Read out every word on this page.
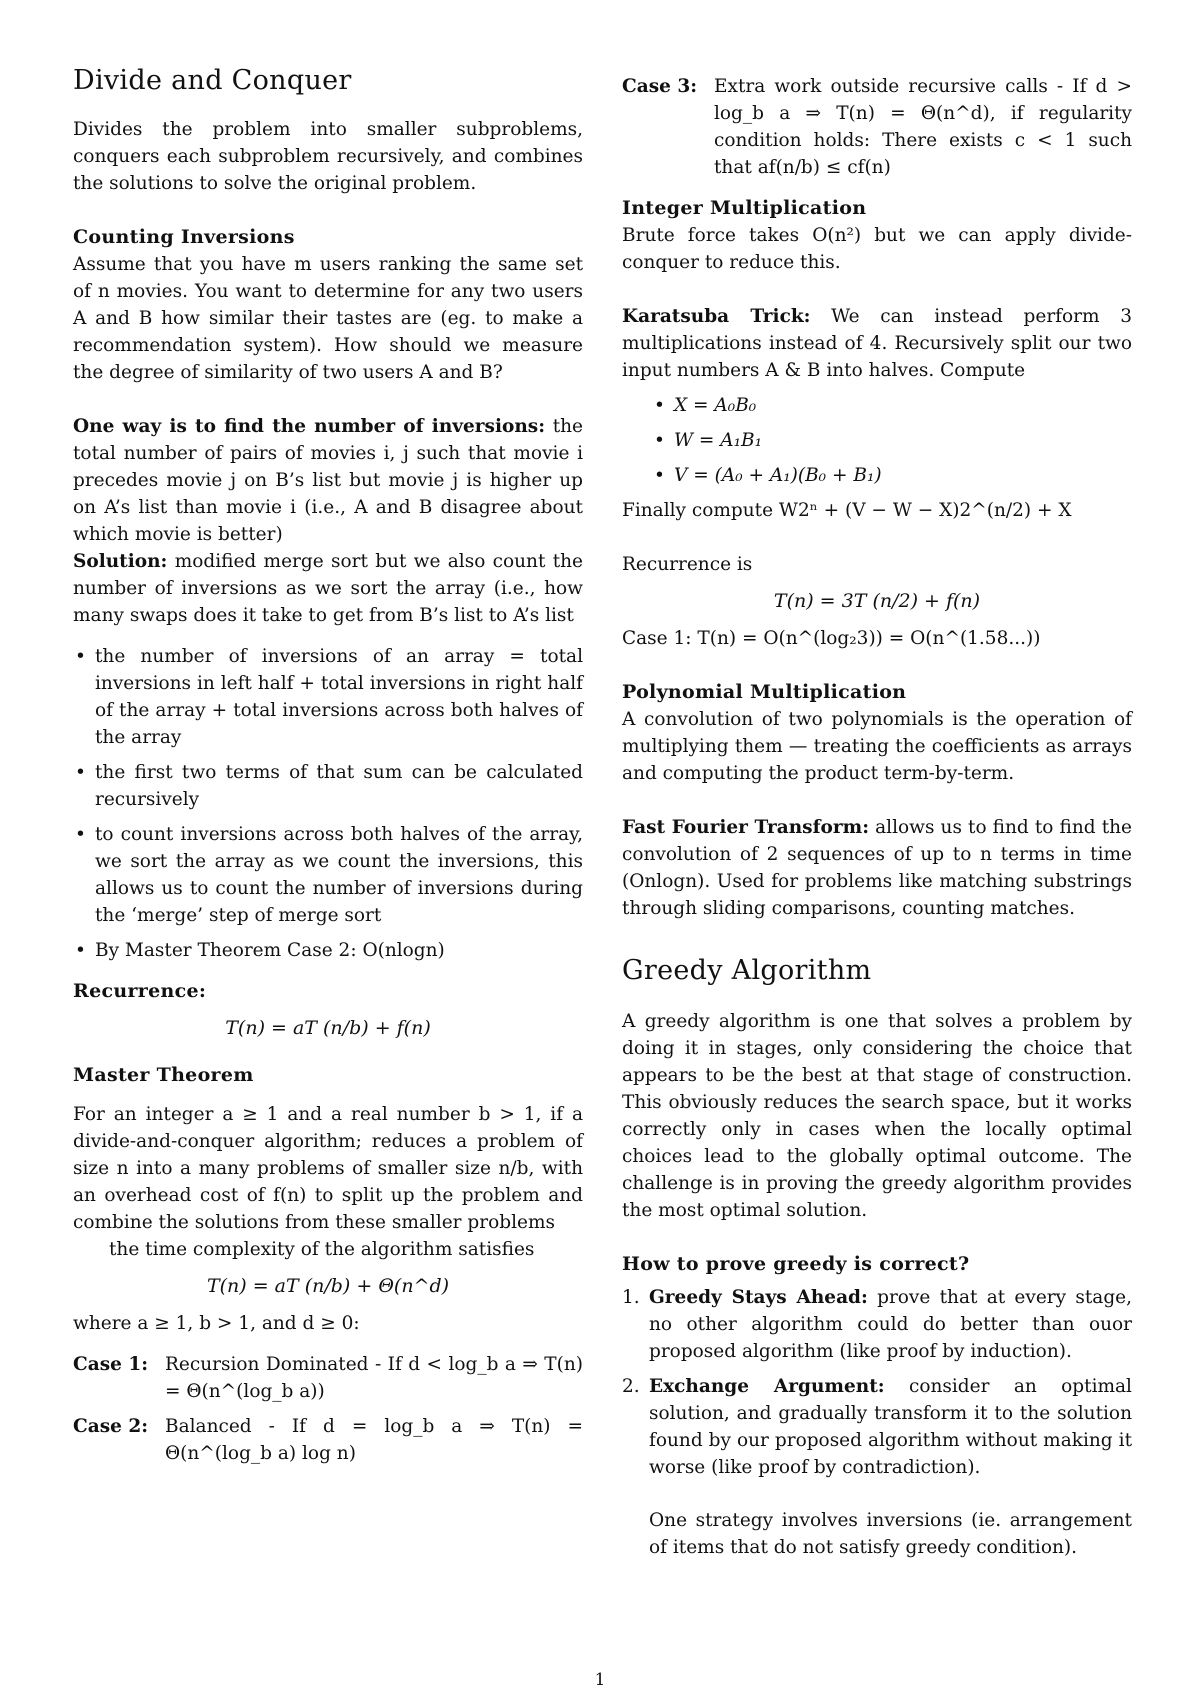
Divide and Conquer

Divides the problem into smaller subproblems, conquers each subproblem recursively, and combines the solutions to solve the original problem.

Counting Inversions

Assume that you have m users ranking the same set of n movies. You want to determine for any two users A and B how similar their tastes are (eg. to make a recommendation system). How should we measure the degree of similarity of two users A and B?

One way is to find the number of inversions: the total number of pairs of movies i, j such that movie i precedes movie j on B’s list but movie j is higher up on A’s list than movie i (i.e., A and B disagree about which movie is better)

Solution: modified merge sort but we also count the number of inversions as we sort the array (i.e., how many swaps does it take to get from B’s list to A’s list

• the number of inversions of an array = total inversions in left half + total inversions in right half of the array + total inversions across both halves of the array
• the first two terms of that sum can be calculated recursively
• to count inversions across both halves of the array, we sort the array as we count the inversions, this allows us to count the number of inversions during the ‘merge’ step of merge sort
• By Master Theorem Case 2: O(nlogn)
Recurrence:
T(n) = aT (n/b) + f(n)
Master Theorem

For an integer a ≥ 1 and a real number b > 1, if a divide-and-conquer algorithm; reduces a problem of size n into a many problems of smaller size n/b, with an overhead cost of f(n) to split up the problem and combine the solutions from these smaller problems

the time complexity of the algorithm satisfies

T(n) = aT (n/b) + Θ(n^d)

where a ≥ 1, b > 1, and d ≥ 0:

Case 1: Recursion Dominated - If d < log_b a ⇒ T(n) = Θ(n^(log_b a))
Case 2: Balanced - If d = log_b a ⇒ T(n) = Θ(n^(log_b a) log n)
Case 3: Extra work outside recursive calls - If d > log_b a ⇒ T(n) = Θ(n^d), if regularity condition holds: There exists c < 1 such that af(n/b) ≤ cf(n)
Integer Multiplication

Brute force takes O(n²) but we can apply divide-conquer to reduce this.

Karatsuba Trick: We can instead perform 3 multiplications instead of 4. Recursively split our two input numbers A & B into halves. Compute

• X = A₀B₀
• W = A₁B₁
• V = (A₀ + A₁)(B₀ + B₁)

Finally compute W2ⁿ + (V − W − X)2^(n/2) + X

Recurrence is

T(n) = 3T (n/2) + f(n)

Case 1: T(n) = O(n^(log₂3)) = O(n^(1.58...))

Polynomial Multiplication

A convolution of two polynomials is the operation of multiplying them — treating the coefficients as arrays and computing the product term-by-term.

Fast Fourier Transform: allows us to find to find the convolution of 2 sequences of up to n terms in time (Onlogn). Used for problems like matching substrings through sliding comparisons, counting matches.

Greedy Algorithm

A greedy algorithm is one that solves a problem by doing it in stages, only considering the choice that appears to be the best at that stage of construction. This obviously reduces the search space, but it works correctly only in cases when the locally optimal choices lead to the globally optimal outcome. The challenge is in proving the greedy algorithm provides the most optimal solution.

How to prove greedy is correct?
1. Greedy Stays Ahead: prove that at every stage, no other algorithm could do better than ouor proposed algorithm (like proof by induction).
2. Exchange Argument: consider an optimal solution, and gradually transform it to the solution found by our proposed algorithm without making it worse (like proof by contradiction).

One strategy involves inversions (ie. arrangement of items that do not satisfy greedy condition).

1
